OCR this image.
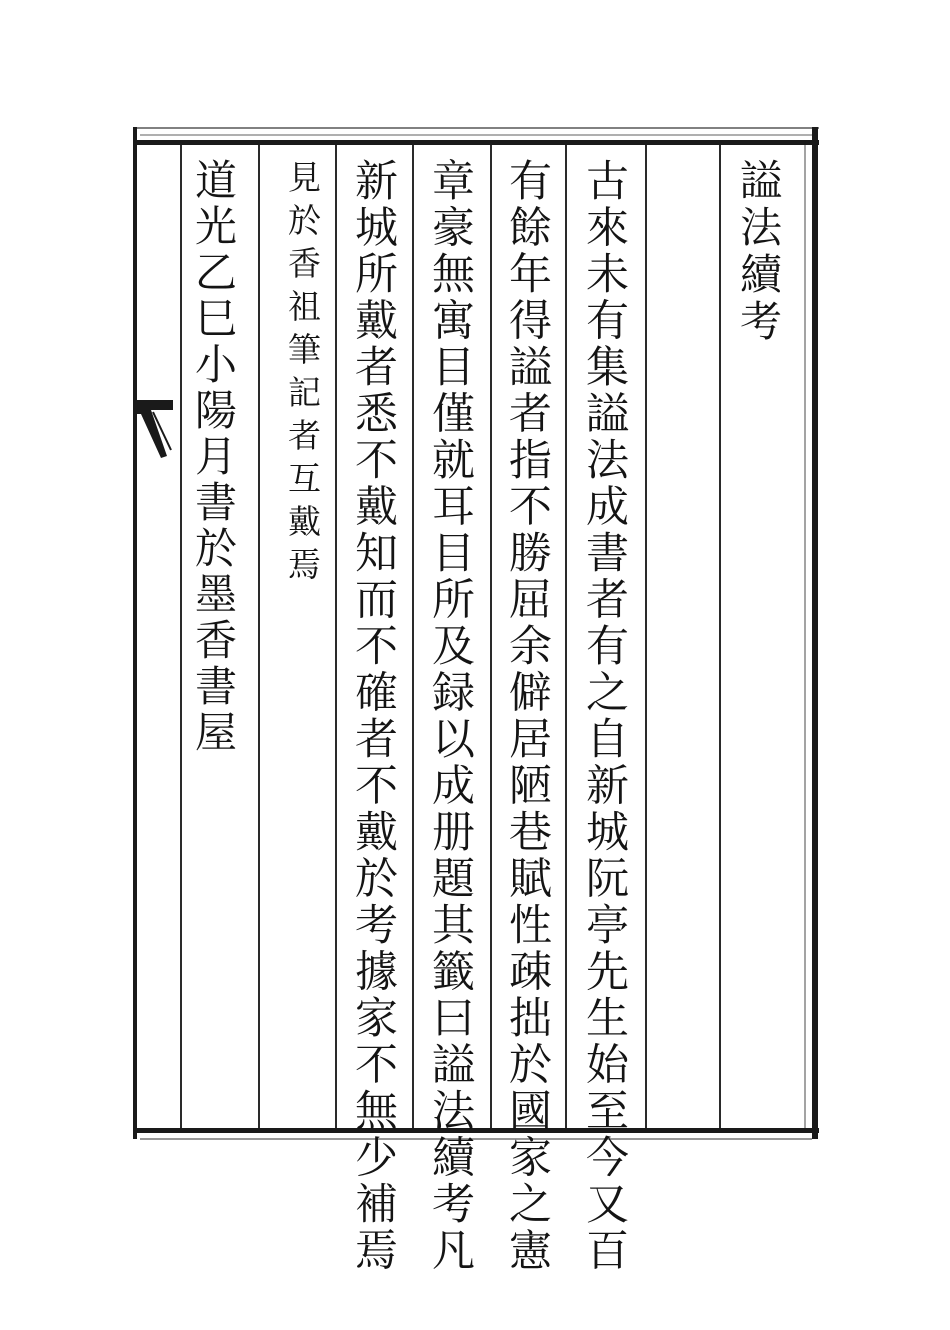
謚法續考
古來未有集謚法成書者有之自新城阮亭先生始至今又百
有餘年得謚者指不勝屈余僻居陋巷賦性疎拙於國家之憲
章豪無寓目僅就耳目所及録以成册題其籤曰謚法續考凡
新城所戴者悉不戴知而不確者不戴於考據家不無少補焉
見於香祖筆記者互戴焉
道光乙巳小陽月書於墨香書屋
